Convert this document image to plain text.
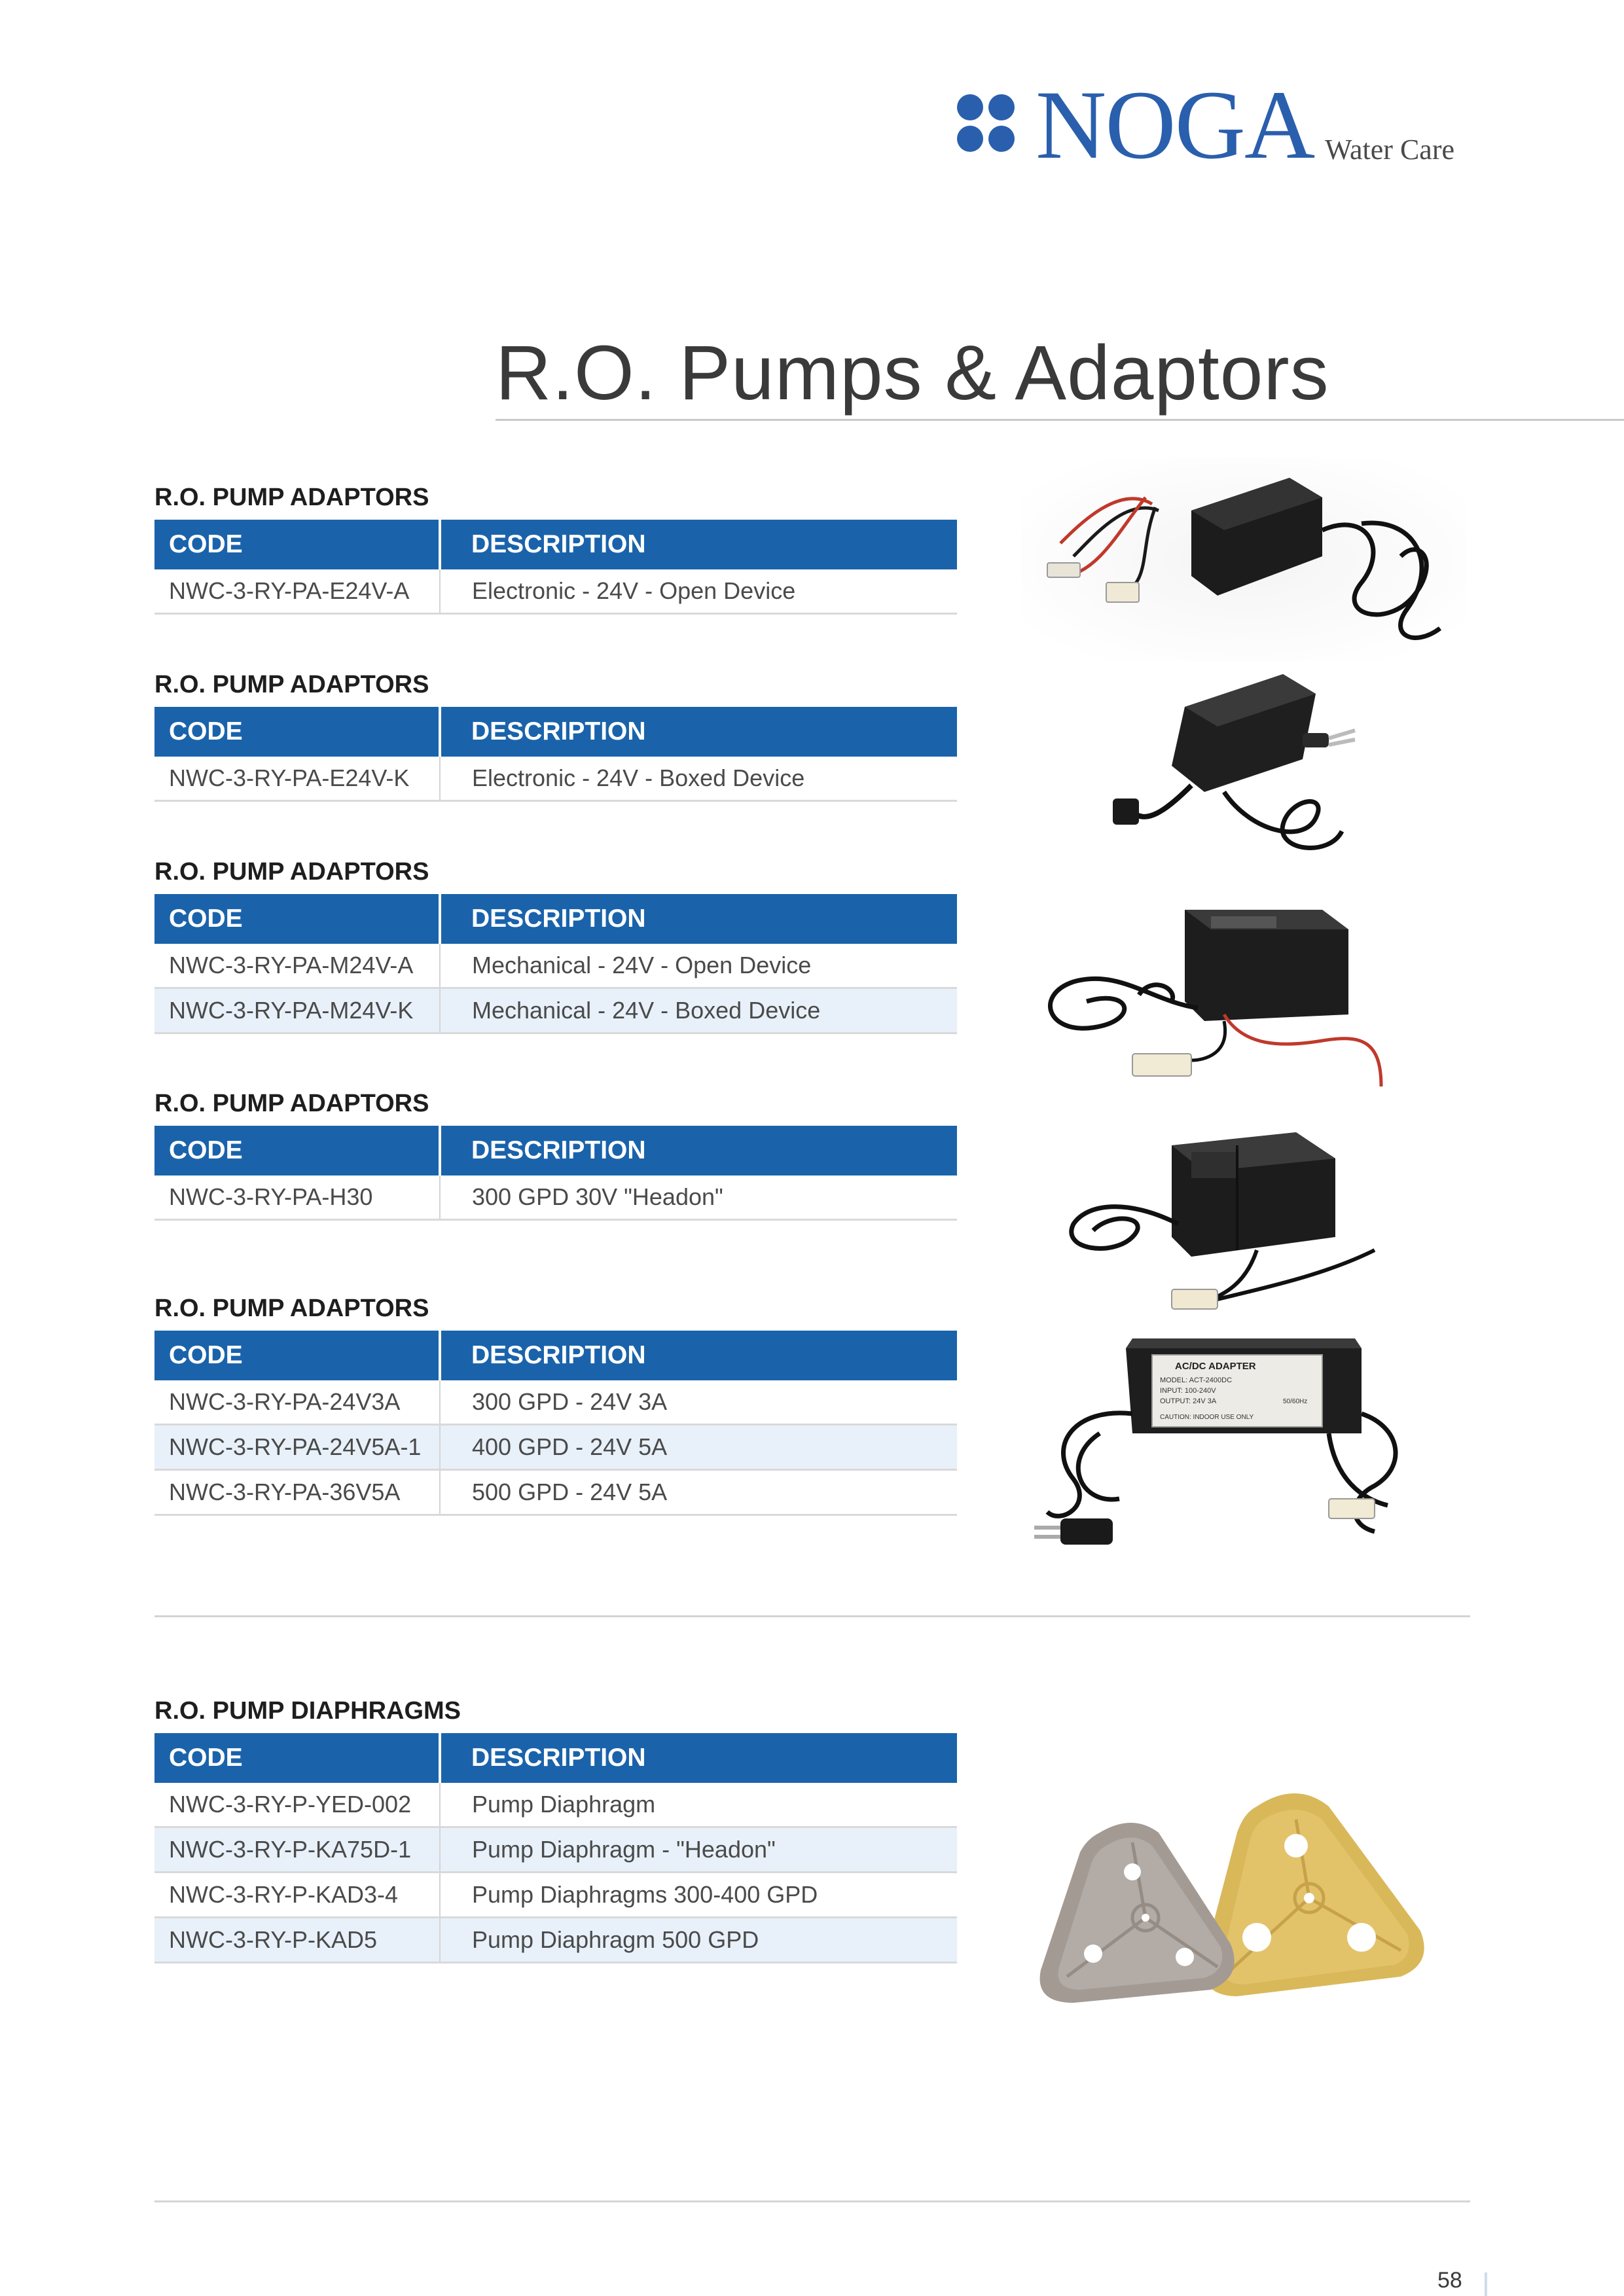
NOGA Water Care
R.O. Pumps & Adaptors
R.O. PUMP ADAPTORS
CODE	DESCRIPTION
NWC-3-RY-PA-E24V-A	Electronic - 24V - Open Device
R.O. PUMP ADAPTORS
CODE	DESCRIPTION
NWC-3-RY-PA-E24V-K	Electronic - 24V - Boxed Device
R.O. PUMP ADAPTORS
CODE	DESCRIPTION
NWC-3-RY-PA-M24V-A	Mechanical - 24V - Open Device
NWC-3-RY-PA-M24V-K	Mechanical - 24V - Boxed Device
R.O. PUMP ADAPTORS
CODE	DESCRIPTION
NWC-3-RY-PA-H30	300 GPD 30V "Headon"
R.O. PUMP ADAPTORS
CODE	DESCRIPTION
NWC-3-RY-PA-24V3A	300 GPD - 24V 3A
NWC-3-RY-PA-24V5A-1	400 GPD - 24V 5A
NWC-3-RY-PA-36V5A	500 GPD - 24V 5A
R.O. PUMP DIAPHRAGMS
CODE	DESCRIPTION
NWC-3-RY-P-YED-002	Pump Diaphragm
NWC-3-RY-P-KA75D-1	Pump Diaphragm - "Headon"
NWC-3-RY-P-KAD3-4	Pump Diaphragms 300-400 GPD
NWC-3-RY-P-KAD5	Pump Diaphragm 500 GPD
AC/DC ADAPTER
MODEL: ACT-2400DC
INPUT: 100-240V
OUTPUT: 24V 3A	50/60Hz
CAUTION: INDOOR USE ONLY
58
